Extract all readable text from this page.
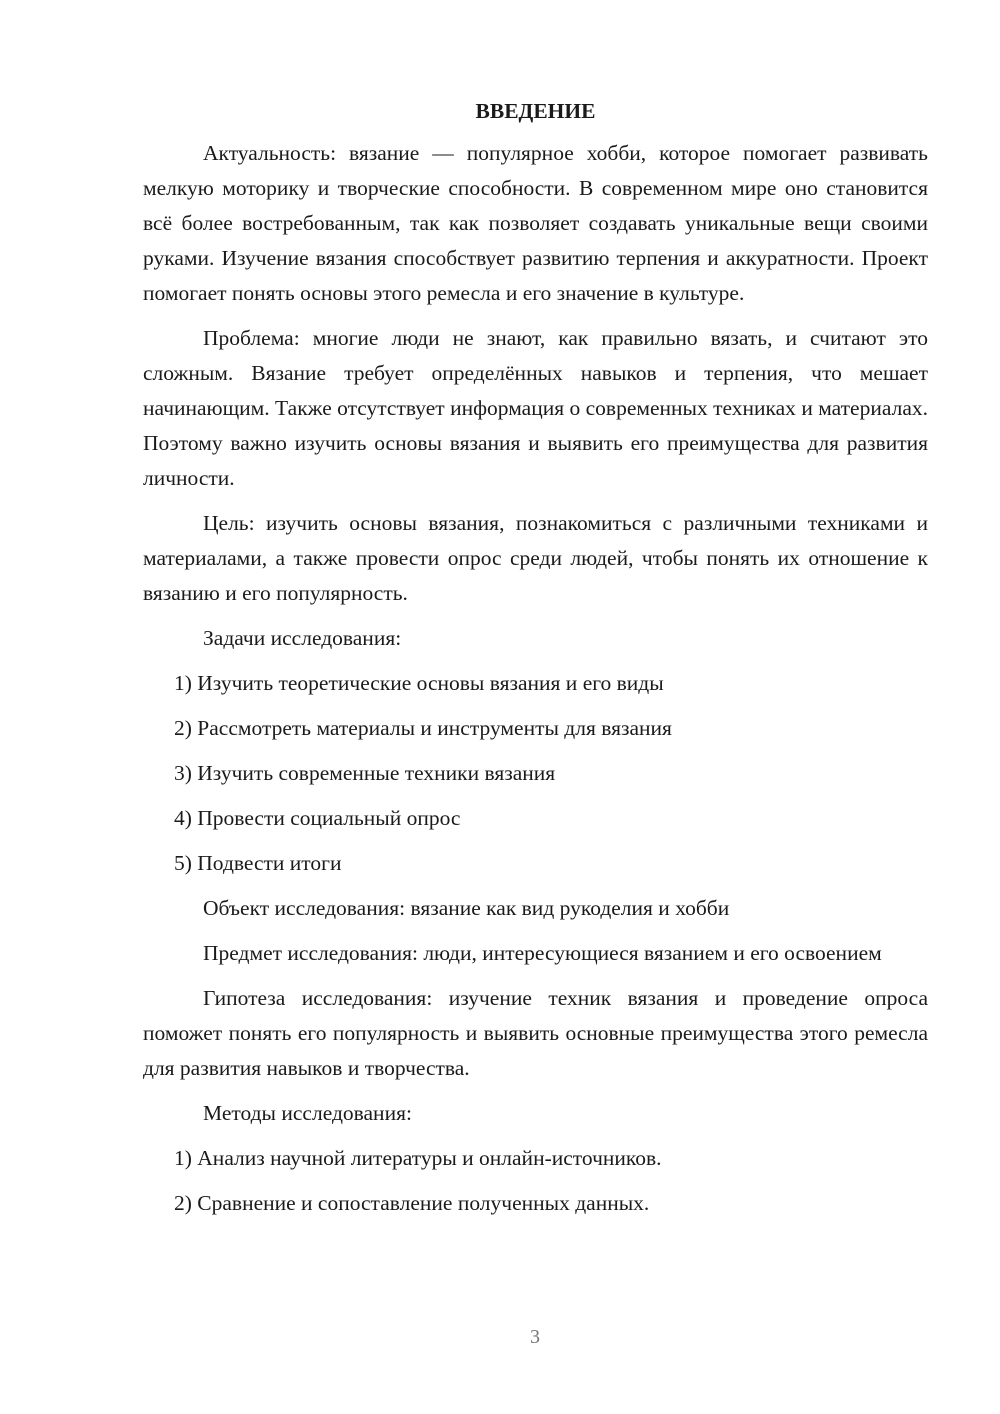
ВВЕДЕНИЕ

Актуальность: вязание — популярное хобби, которое помогает развивать мелкую моторику и творческие способности. В современном мире оно становится всё более востребованным, так как позволяет создавать уникальные вещи своими руками. Изучение вязания способствует развитию терпения и аккуратности. Проект помогает понять основы этого ремесла и его значение в культуре.

Проблема: многие люди не знают, как правильно вязать, и считают это сложным. Вязание требует определённых навыков и терпения, что мешает начинающим. Также отсутствует информация о современных техниках и материалах. Поэтому важно изучить основы вязания и выявить его преимущества для развития личности.

Цель: изучить основы вязания, познакомиться с различными техниками и материалами, а также провести опрос среди людей, чтобы понять их отношение к вязанию и его популярность.

Задачи исследования:

1) Изучить теоретические основы вязания и его виды
2) Рассмотреть материалы и инструменты для вязания
3) Изучить современные техники вязания
4) Провести социальный опрос
5) Подвести итоги

Объект исследования: вязание как вид рукоделия и хобби

Предмет исследования: люди, интересующиеся вязанием и его освоением

Гипотеза исследования: изучение техник вязания и проведение опроса поможет понять его популярность и выявить основные преимущества этого ремесла для развития навыков и творчества.

Методы исследования:

1) Анализ научной литературы и онлайн-источников.
2) Сравнение и сопоставление полученных данных.
3
